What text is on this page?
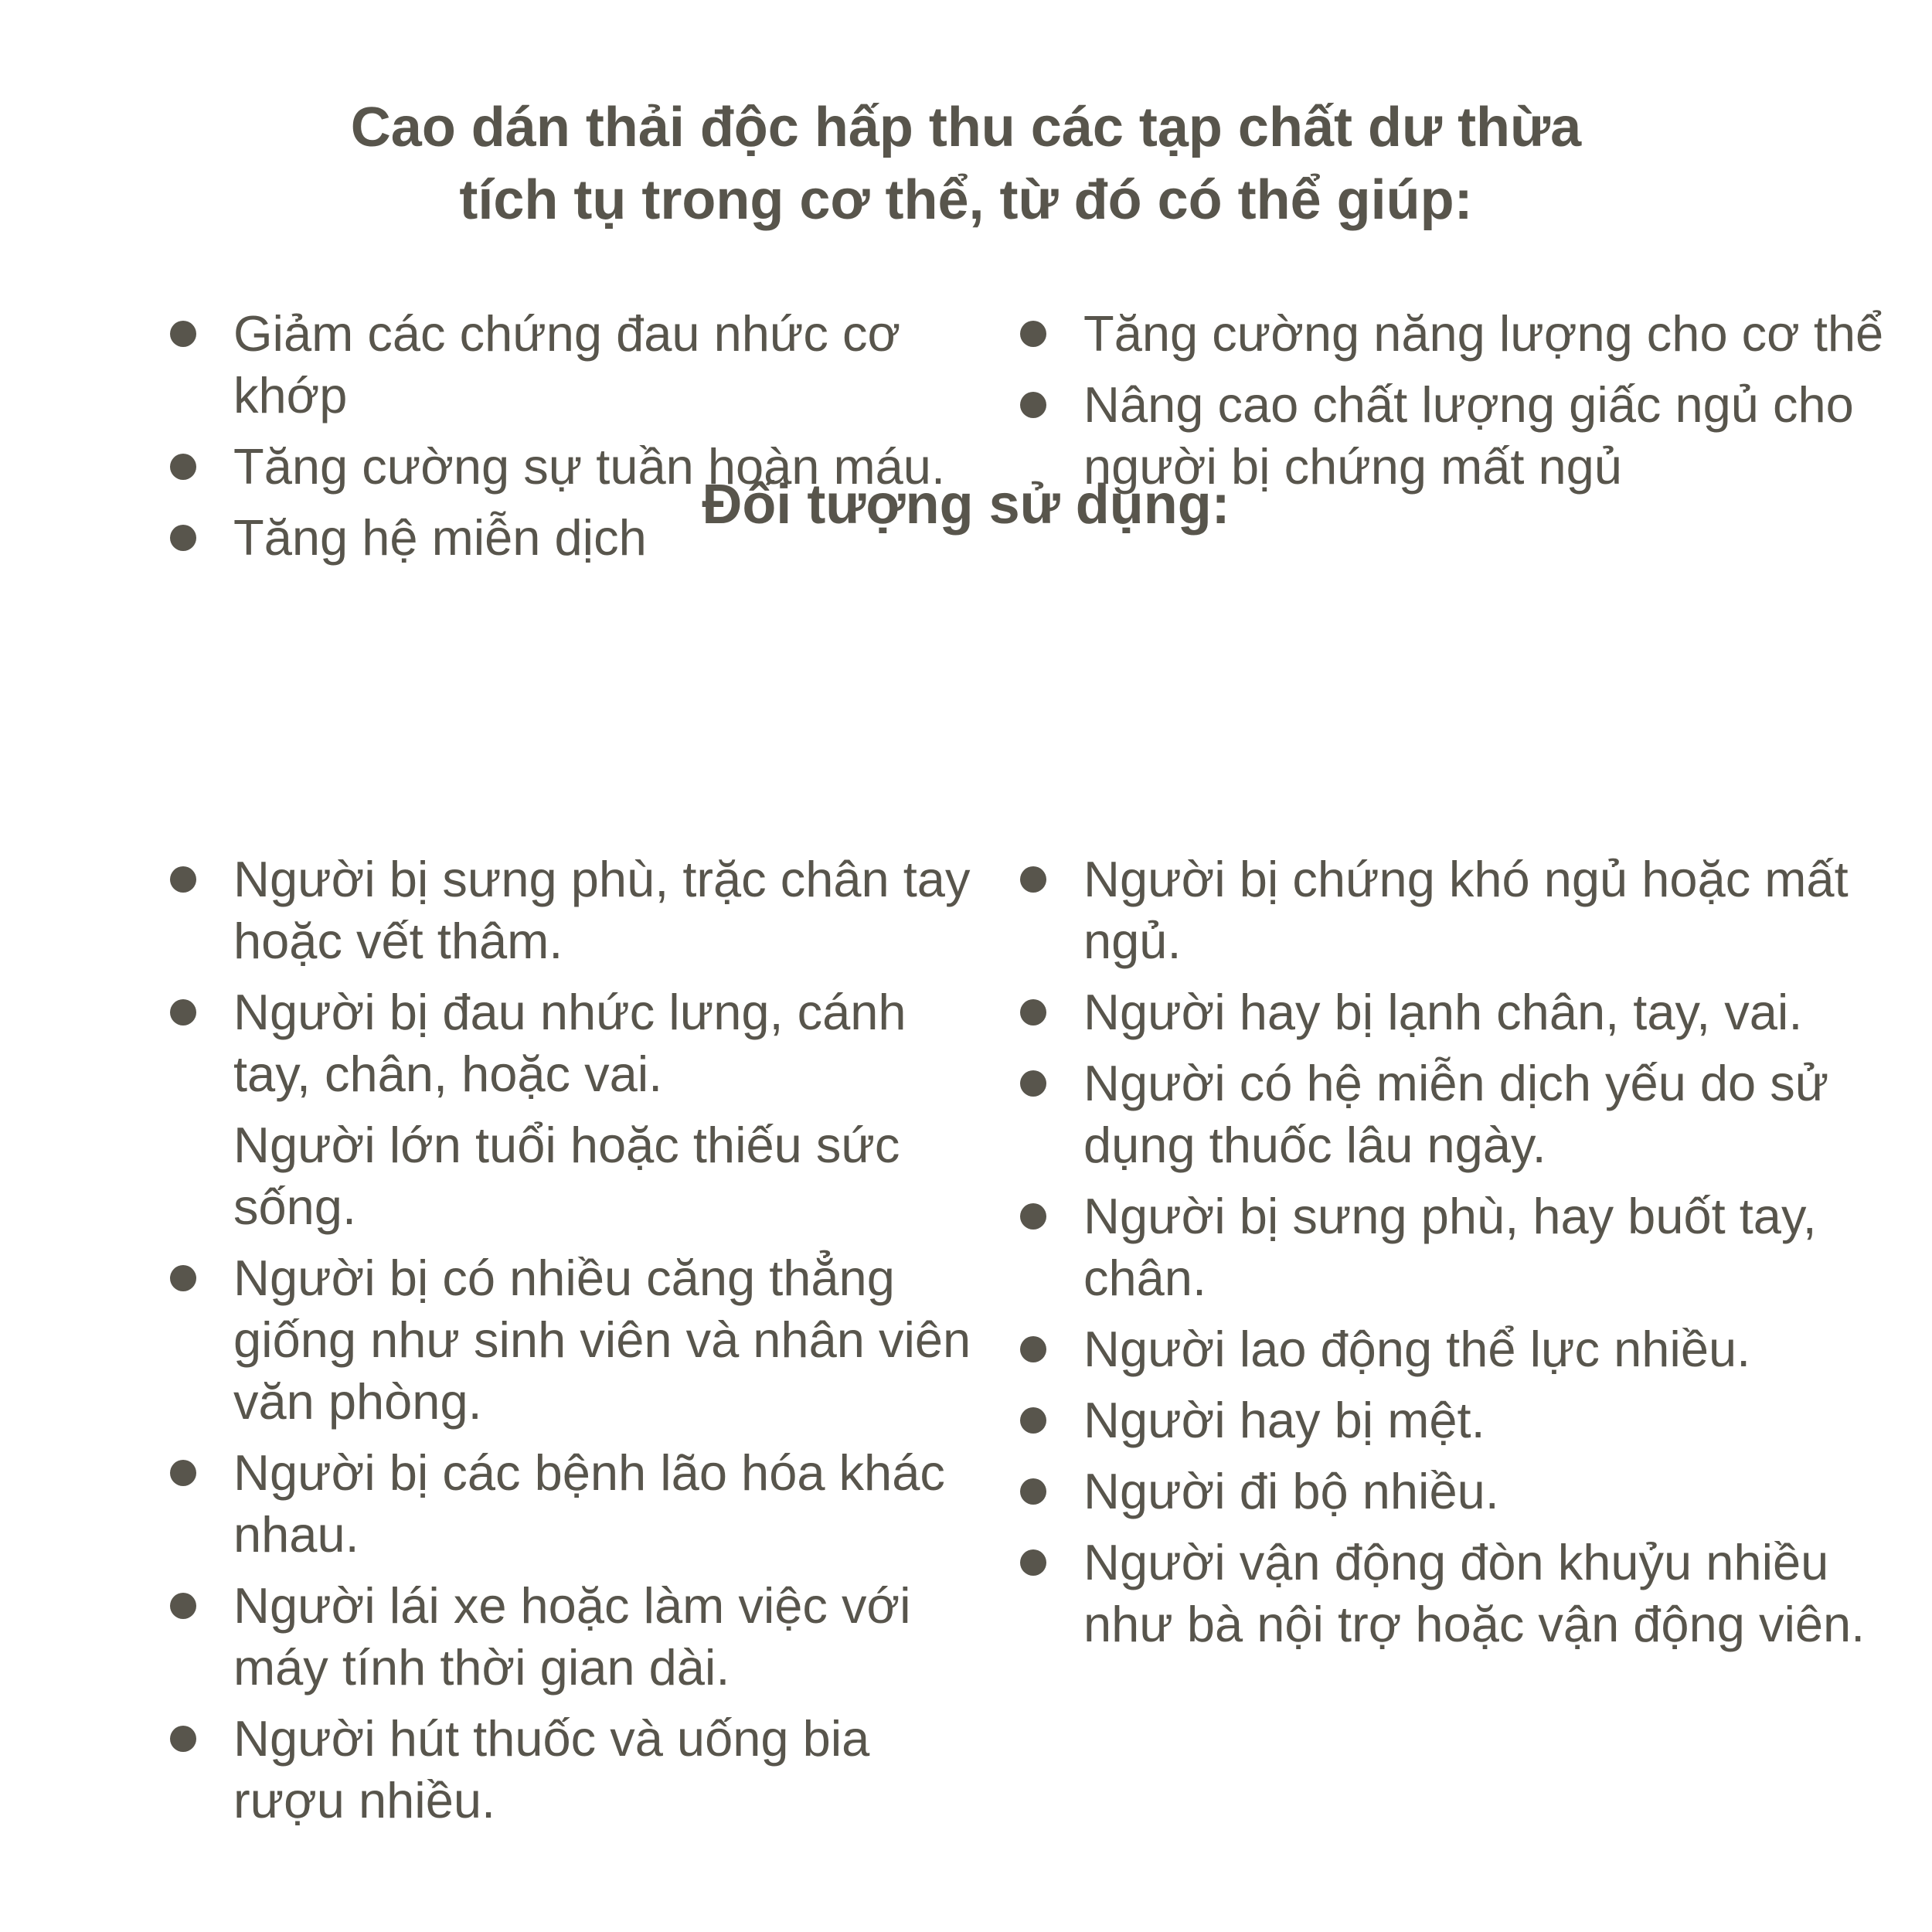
Cao dán thải độc hấp thu các tạp chất dư thừa
tích tụ trong cơ thể, từ đó có thể giúp:
Giảm các chứng đau nhức cơ khớp
Tăng cường sự tuần hoàn máu.
Tăng hệ miễn dịch
Tăng cường năng lượng cho cơ thể
Nâng cao chất lượng giấc ngủ cho người bị chứng mất ngủ
Đối tượng sử dụng:
Người bị sưng phù, trặc chân tay hoặc vết thâm.
Người bị đau nhức lưng, cánh tay, chân, hoặc vai.
Người lớn tuổi hoặc thiếu sức sống.
Người bị có nhiều căng thẳng giống như sinh viên và nhân viên văn phòng.
Người bị các bệnh lão hóa khác nhau.
Người lái xe hoặc làm việc với máy tính thời gian dài.
Người hút thuốc và uống bia rượu nhiều.
Người bị chứng khó ngủ hoặc mất ngủ.
Người hay bị lạnh chân, tay, vai.
Người có hệ miễn dịch yếu do sử dụng thuốc lâu ngày.
Người bị sưng phù, hay buốt tay, chân.
Người lao động thể lực nhiều.
Người hay bị mệt.
Người đi bộ nhiều.
Người vận động đòn khuỷu nhiều như bà nội trợ hoặc vận động viên.
